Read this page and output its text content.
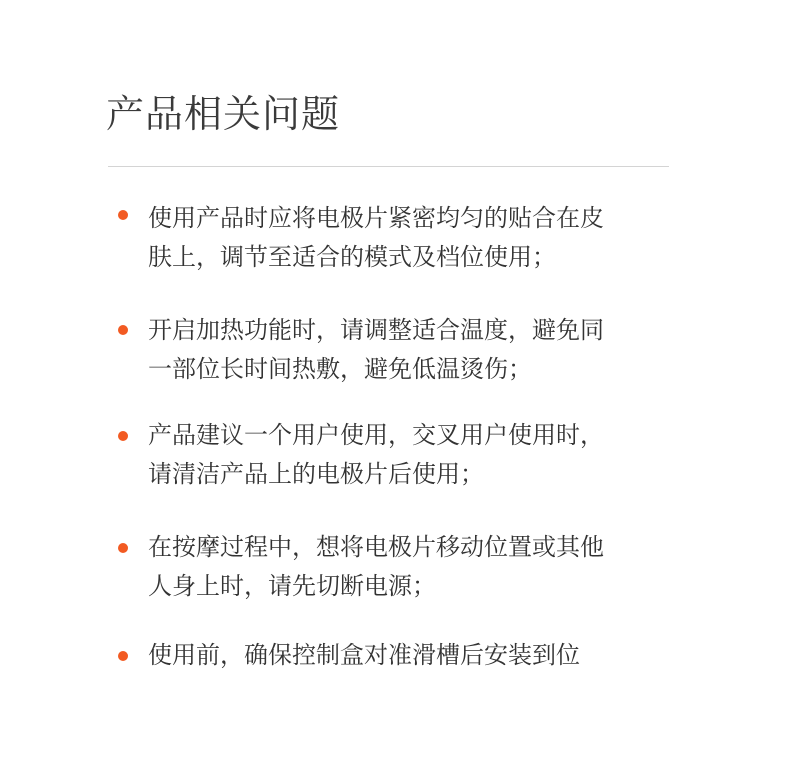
产品相关问题
使用产品时应将电极片紧密均匀的贴合在皮
肤上，调节至适合的模式及档位使用；
开启加热功能时，请调整适合温度，避免同
一部位长时间热敷，避免低温烫伤；
产品建议一个用户使用，交叉用户使用时，
请清洁产品上的电极片后使用；
在按摩过程中，想将电极片移动位置或其他
人身上时，请先切断电源；
使用前，确保控制盒对准滑槽后安装到位
